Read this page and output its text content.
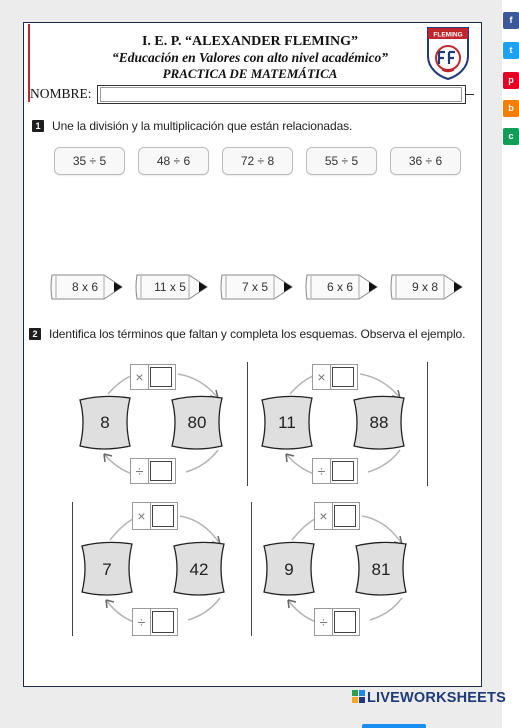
I. E. P. “ALEXANDER FLEMING”
“Educación en Valores con alto nivel académico”
PRACTICA DE MATEMÁTICA
FLEMING
NOMBRE:
1 Une la división y la multiplicación que están relacionadas.
35 ÷ 5	48 ÷ 6	72 ÷ 8	55 ÷ 5	36 ÷ 6
8 x 6	11 x 5	7 x 5	6 x 6	9 x 8
2 Identifica los términos que faltan y completa los esquemas. Observa el ejemplo.
×
÷
8	80
×
÷
11	88
×
÷
7	42
×
÷
9	81
LIVEWORKSHEETS
f
t
p
b
c
